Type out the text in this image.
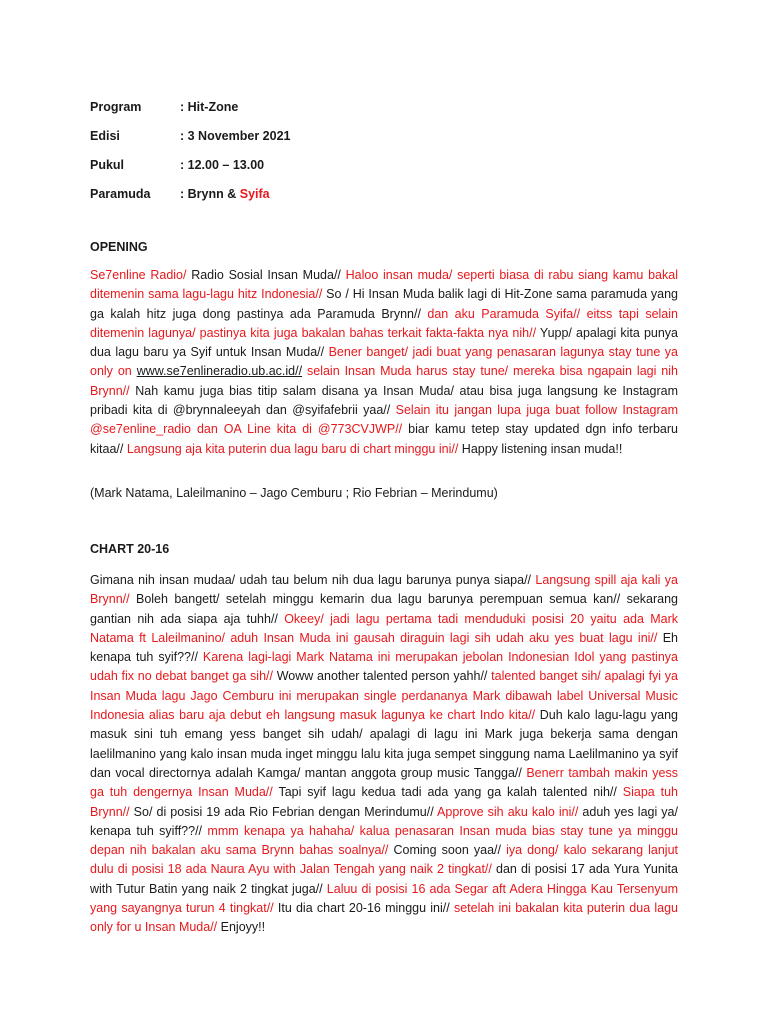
Program	: Hit-Zone
Edisi	: 3 November 2021
Pukul	: 12.00 – 13.00
Paramuda	: Brynn & Syifa
OPENING

Se7enline Radio/ Radio Sosial Insan Muda// Haloo insan muda/ seperti biasa di rabu siang kamu bakal ditemenin sama lagu-lagu hitz Indonesia// So / Hi Insan Muda balik lagi di Hit-Zone sama paramuda yang ga kalah hitz juga dong pastinya ada Paramuda Brynn// dan aku Paramuda Syifa// eitss tapi selain ditemenin lagunya/ pastinya kita juga bakalan bahas terkait fakta-fakta nya nih// Yupp/ apalagi kita punya dua lagu baru ya Syif untuk Insan Muda// Bener banget/ jadi buat yang penasaran lagunya stay tune ya only on www.se7enlineradio.ub.ac.id// selain Insan Muda harus stay tune/ mereka bisa ngapain lagi nih Brynn// Nah kamu juga bias titip salam disana ya Insan Muda/ atau bisa juga langsung ke Instagram pribadi kita di @brynnaleeyah dan @syifafebrii yaa// Selain itu jangan lupa juga buat follow Instagram @se7enline_radio dan OA Line kita di @773CVJWP// biar kamu tetep stay updated dgn info terbaru kitaa// Langsung aja kita puterin dua lagu baru di chart minggu ini// Happy listening insan muda!!

(Mark Natama, Laleilmanino – Jago Cemburu ; Rio Febrian – Merindumu)
CHART 20-16

Gimana nih insan mudaa/ udah tau belum nih dua lagu barunya punya siapa// Langsung spill aja kali ya Brynn// Boleh bangett/ setelah minggu kemarin dua lagu barunya perempuan semua kan// sekarang gantian nih ada siapa aja tuhh// Okeey/ jadi lagu pertama tadi menduduki posisi 20 yaitu ada Mark Natama ft Laleilmanino/ aduh Insan Muda ini gausah diraguin lagi sih udah aku yes buat lagu ini// Eh kenapa tuh syif??// Karena lagi-lagi Mark Natama ini merupakan jebolan Indonesian Idol yang pastinya udah fix no debat banget ga sih// Woww another talented person yahh// talented banget sih/ apalagi fyi ya Insan Muda lagu Jago Cemburu ini merupakan single perdananya Mark dibawah label Universal Music Indonesia alias baru aja debut eh langsung masuk lagunya ke chart Indo kita// Duh kalo lagu-lagu yang masuk sini tuh emang yess banget sih udah/ apalagi di lagu ini Mark juga bekerja sama dengan laelilmanino yang kalo insan muda inget minggu lalu kita juga sempet singgung nama Laelilmanino ya syif dan vocal directornya adalah Kamga/ mantan anggota group music Tangga// Benerr tambah makin yess ga tuh dengernya Insan Muda// Tapi syif lagu kedua tadi ada yang ga kalah talented nih// Siapa tuh Brynn// So/ di posisi 19 ada Rio Febrian dengan Merindumu// Approve sih aku kalo ini// aduh yes lagi ya/ kenapa tuh syiff??// mmm kenapa ya hahaha/ kalua penasaran Insan muda bias stay tune ya minggu depan nih bakalan aku sama Brynn bahas soalnya// Coming soon yaa// iya dong/ kalo sekarang lanjut dulu di posisi 18 ada Naura Ayu with Jalan Tengah yang naik 2 tingkat// dan di posisi 17 ada Yura Yunita with Tutur Batin yang naik 2 tingkat juga// Laluu di posisi 16 ada Segar aft Adera Hingga Kau Tersenyum yang sayangnya turun 4 tingkat// Itu dia chart 20-16 minggu ini// setelah ini bakalan kita puterin dua lagu only for u Insan Muda// Enjoyy!!
